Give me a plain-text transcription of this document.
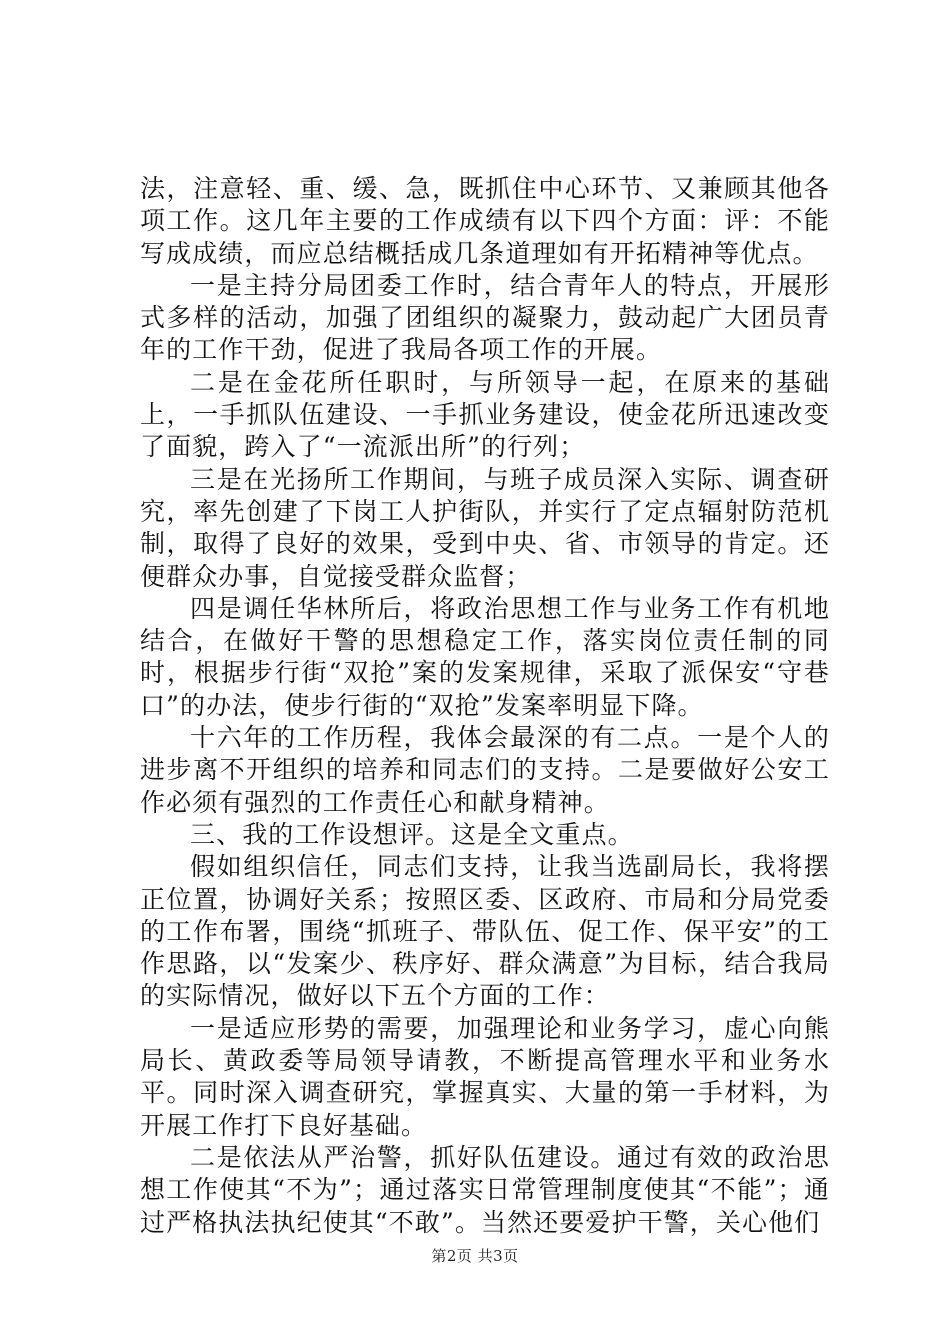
法，注意轻、重、缓、急，既抓住中心环节、又兼顾其他各项工作。这几年主要的工作成绩有以下四个方面：评：不能写成成绩，而应总结概括成几条道理如有开拓精神等优点。

一是主持分局团委工作时，结合青年人的特点，开展形式多样的活动，加强了团组织的凝聚力，鼓动起广大团员青年的工作干劲，促进了我局各项工作的开展。

二是在金花所任职时，与所领导一起，在原来的基础上，一手抓队伍建设、一手抓业务建设，使金花所迅速改变了面貌，跨入了“一流派出所”的行列；

三是在光扬所工作期间，与班子成员深入实际、调查研究，率先创建了下岗工人护街队，并实行了定点辐射防范机制，取得了良好的效果，受到中央、省、市领导的肯定。还便群众办事，自觉接受群众监督；

四是调任华林所后，将政治思想工作与业务工作有机地结合，在做好干警的思想稳定工作，落实岗位责任制的同时，根据步行街“双抢”案的发案规律，采取了派保安“守巷口”的办法，使步行街的“双抢”发案率明显下降。

十六年的工作历程，我体会最深的有二点。一是个人的进步离不开组织的培养和同志们的支持。二是要做好公安工作必须有强烈的工作责任心和献身精神。

三、我的工作设想评。这是全文重点。

假如组织信任，同志们支持，让我当选副局长，我将摆正位置，协调好关系；按照区委、区政府、市局和分局党委的工作布署，围绕“抓班子、带队伍、促工作、保平安”的工作思路，以“发案少、秩序好、群众满意”为目标，结合我局的实际情况，做好以下五个方面的工作：

一是适应形势的需要，加强理论和业务学习，虚心向熊局长、黄政委等局领导请教，不断提高管理水平和业务水平。同时深入调查研究，掌握真实、大量的第一手材料，为开展工作打下良好基础。

二是依法从严治警，抓好队伍建设。通过有效的政治思想工作使其“不为”；通过落实日常管理制度使其“不能”；通过严格执法执纪使其“不敢”。当然还要爱护干警，关心他们

第2页 共3页
